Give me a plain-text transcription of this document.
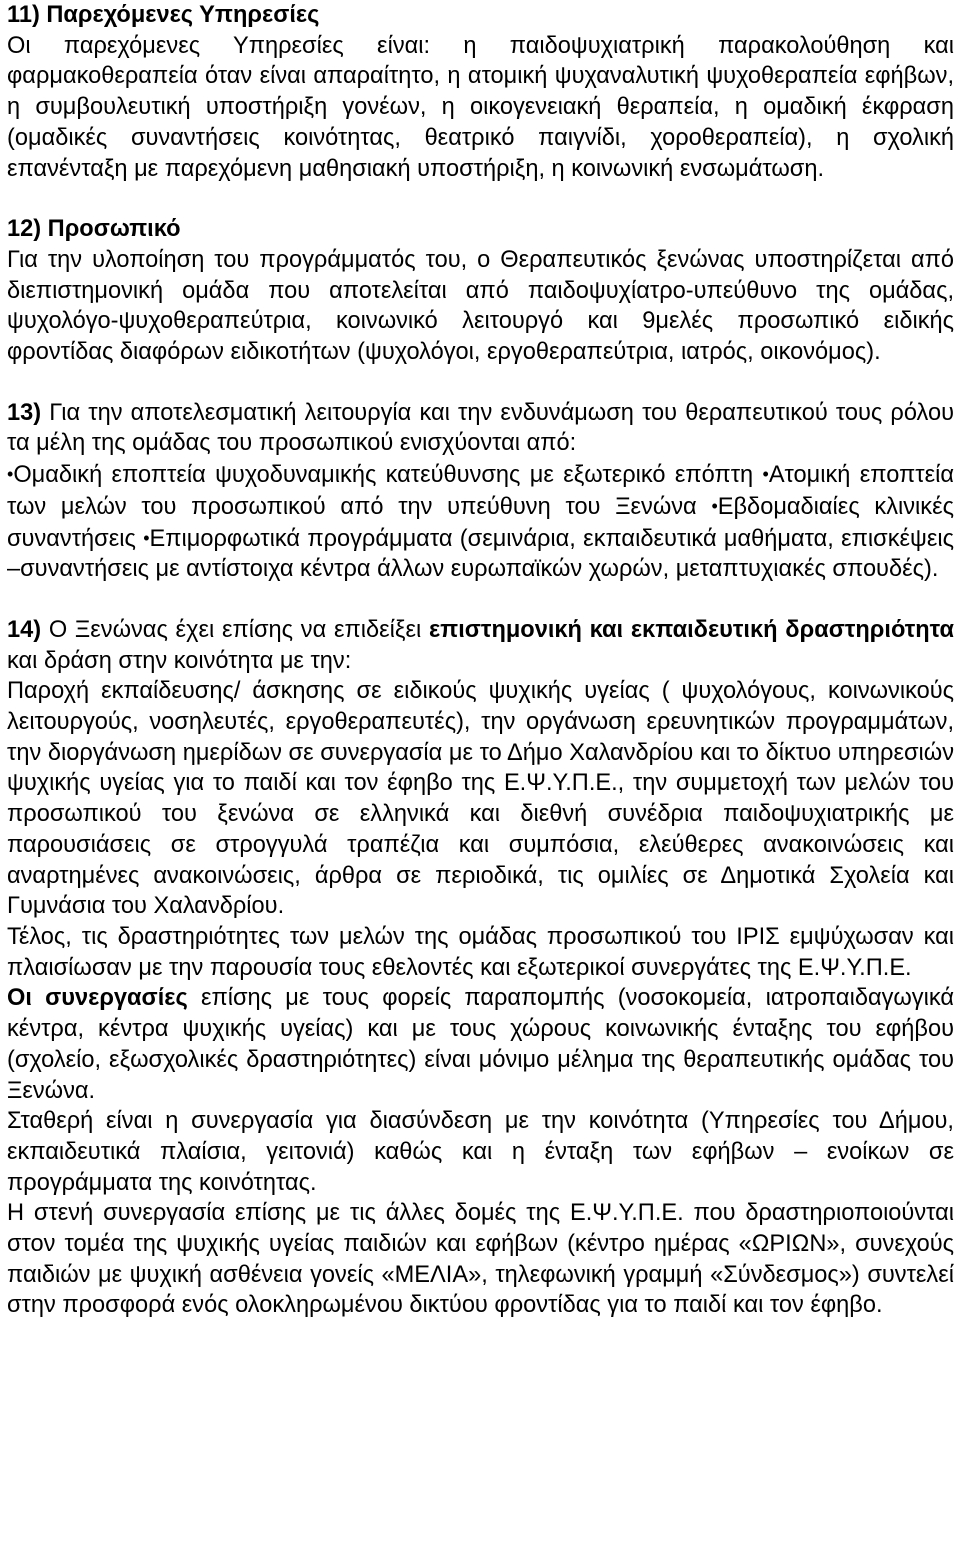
11) Παρεχόμενες Υπηρεσίες

Οι παρεχόμενες Υπηρεσίες είναι: η παιδοψυχιατρική παρακολούθηση και φαρμακοθεραπεία όταν είναι απαραίτητο, η ατομική ψυχαναλυτική ψυχοθεραπεία εφήβων, η συμβουλευτική υποστήριξη γονέων, η οικογενειακή θεραπεία, η ομαδική έκφραση (ομαδικές συναντήσεις κοινότητας, θεατρικό παιγνίδι, χοροθεραπεία), η σχολική επανένταξη με παρεχόμενη μαθησιακή υποστήριξη, η κοινωνική ενσωμάτωση.

12) Προσωπικό

Για την υλοποίηση του προγράμματός του, ο Θεραπευτικός ξενώνας υποστηρίζεται από διεπιστημονική ομάδα που αποτελείται από παιδοψυχίατρο-υπεύθυνο της ομάδας, ψυχολόγο-ψυχοθεραπεύτρια, κοινωνικό λειτουργό και 9μελές προσωπικό ειδικής φροντίδας διαφόρων ειδικοτήτων (ψυχολόγοι, εργοθεραπεύτρια, ιατρός, οικονόμος).

13) Για την αποτελεσματική λειτουργία και την ενδυνάμωση του θεραπευτικού τους ρόλου τα μέλη της ομάδας του προσωπικού ενισχύονται από:

•Ομαδική εποπτεία ψυχοδυναμικής κατεύθυνσης με εξωτερικό επόπτη •Ατομική εποπτεία των μελών του προσωπικού από την υπεύθυνη του Ξενώνα •Εβδομαδιαίες κλινικές συναντήσεις •Επιμορφωτικά προγράμματα (σεμινάρια, εκπαιδευτικά μαθήματα, επισκέψεις –συναντήσεις με αντίστοιχα κέντρα άλλων ευρωπαϊκών χωρών, μεταπτυχιακές σπουδές).

14) Ο Ξενώνας έχει επίσης να επιδείξει επιστημονική και εκπαιδευτική δραστηριότητα και δράση στην κοινότητα με την:

Παροχή εκπαίδευσης/ άσκησης σε ειδικούς ψυχικής υγείας ( ψυχολόγους, κοινωνικούς λειτουργούς, νοσηλευτές, εργοθεραπευτές), την οργάνωση ερευνητικών προγραμμάτων, την διοργάνωση ημερίδων σε συνεργασία με το Δήμο Χαλανδρίου και το δίκτυο υπηρεσιών ψυχικής υγείας για το παιδί και τον έφηβο της Ε.Ψ.Υ.Π.Ε., την συμμετοχή των μελών του προσωπικού του ξενώνα σε ελληνικά και διεθνή συνέδρια παιδοψυχιατρικής με παρουσιάσεις σε στρογγυλά τραπέζια και συμπόσια, ελεύθερες ανακοινώσεις και αναρτημένες ανακοινώσεις, άρθρα σε περιοδικά, τις ομιλίες σε Δημοτικά Σχολεία και Γυμνάσια του Χαλανδρίου.

Τέλος, τις δραστηριότητες των μελών της ομάδας προσωπικού του ΙΡΙΣ εμψύχωσαν και πλαισίωσαν με την παρουσία τους εθελοντές και εξωτερικοί συνεργάτες της Ε.Ψ.Υ.Π.Ε.

Οι συνεργασίες επίσης με τους φορείς παραπομπής (νοσοκομεία, ιατροπαιδαγωγικά κέντρα, κέντρα ψυχικής υγείας) και με τους χώρους κοινωνικής ένταξης του εφήβου (σχολείο, εξωσχολικές δραστηριότητες) είναι μόνιμο μέλημα της θεραπευτικής ομάδας του Ξενώνα.

Σταθερή είναι η συνεργασία για διασύνδεση με την κοινότητα (Υπηρεσίες του Δήμου, εκπαιδευτικά πλαίσια, γειτονιά) καθώς και η ένταξη των εφήβων – ενοίκων σε προγράμματα της κοινότητας.

Η στενή συνεργασία επίσης με τις άλλες δομές της Ε.Ψ.Υ.Π.Ε. που δραστηριοποιούνται στον τομέα της ψυχικής υγείας παιδιών και εφήβων (κέντρο ημέρας «ΩΡΙΩΝ», συνεχούς παιδιών με ψυχική ασθένεια γονείς «ΜΕΛΙΑ», τηλεφωνική γραμμή «Σύνδεσμος») συντελεί στην προσφορά ενός ολοκληρωμένου δικτύου φροντίδας για το παιδί και τον έφηβο.
